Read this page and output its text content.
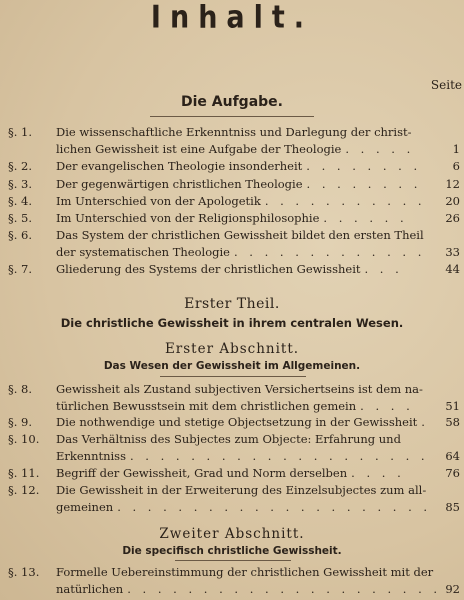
Inhalt.
Seite
Die Aufgabe.
§. 1.	Die wissenschaftliche Erkenntniss und Darlegung der christ-
lichen Gewissheit ist eine Aufgabe der Theologie . . . . .	1
§. 2.	Der evangelischen Theologie insonderheit . . . . . . . .	6
§. 3.	Der gegenwärtigen christlichen Theologie . . . . . . . .	12
§. 4.	Im Unterschied von der Apologetik . . . . . . . . . . .	20
§. 5.	Im Unterschied von der Religionsphilosophie . . . . . .	26
§. 6.	Das System der christlichen Gewissheit bildet den ersten Theil
der systematischen Theologie . . . . . . . . . . . . .	33
§. 7.	Gliederung des Systems der christlichen Gewissheit . . .	44
Erster Theil.
Die christliche Gewissheit in ihrem centralen Wesen.
Erster Abschnitt.
Das Wesen der Gewissheit im Allgemeinen.
§. 8.	Gewissheit als Zustand subjectiven Versichertseins ist dem na-
türlichen Bewusstsein mit dem christlichen gemein . . . .	51
§. 9.	Die nothwendige und stetige Objectsetzung in der Gewissheit .	58
§. 10.	Das Verhältniss des Subjectes zum Objecte: Erfahrung und
Erkenntniss . . . . . . . . . . . . . . . . . . . .	64
§. 11.	Begriff der Gewissheit, Grad und Norm derselben . . . .	76
§. 12.	Die Gewissheit in der Erweiterung des Einzelsubjectes zum all-
gemeinen . . . . . . . . . . . . . . . . . . . . .	85
Zweiter Abschnitt.
Die specifisch christliche Gewissheit.
§. 13.	Formelle Uebereinstimmung der christlichen Gewissheit mit der
natürlichen . . . . . . . . . . . . . . . . . . . . . 92
